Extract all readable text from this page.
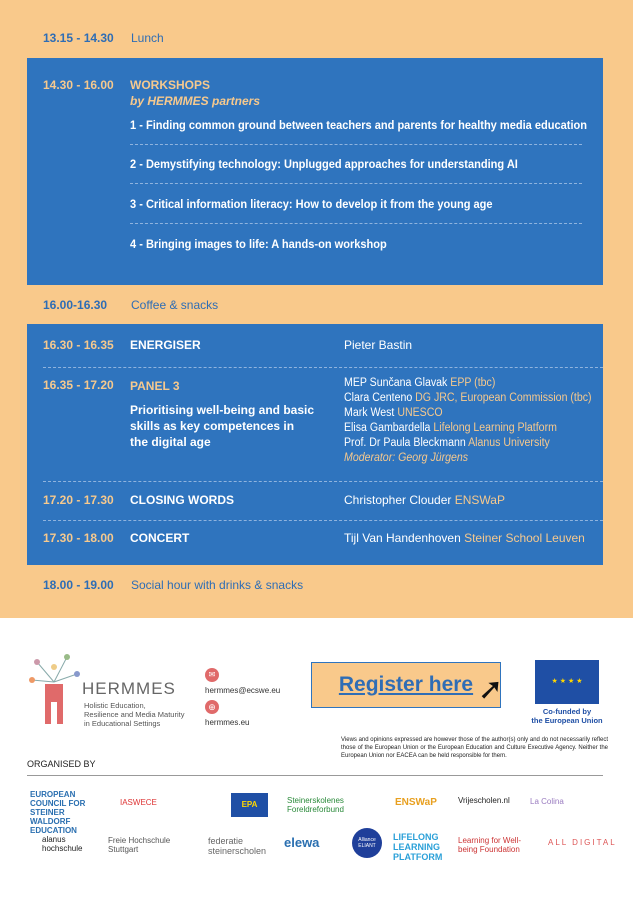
13.15 - 14.30 Lunch
14.30 - 16.00 WORKSHOPS
by HERMMES partners
1 - Finding common ground between teachers and parents for healthy media education
2 - Demystifying technology: Unplugged approaches for understanding AI
3 - Critical information literacy: How to develop it from the young age
4 - Bringing images to life: A hands-on workshop
16.00-16.30 Coffee & snacks
16.30 - 16.35 ENERGISER	Pieter Bastin
16.35 - 17.20 PANEL 3
Prioritising well-being and basic skills as key competences in the digital age
MEP Sunčana Glavak EPP (tbc)
Clara Centeno DG JRC, European Commission (tbc)
Mark West UNESCO
Elisa Gambardella Lifelong Learning Platform
Prof. Dr Paula Bleckmann Alanus University
Moderator: Georg Jürgens
17.20 - 17.30 CLOSING WORDS	Christopher Clouder ENSWaP
17.30 - 18.00 CONCERT	Tijl Van Handenhoven Steiner School Leuven
18.00 - 19.00 Social hour with drinks & snacks
HERMMES
Holistic Education,
Resilience and Media Maturity
in Educational Settings
✉
hermmes@ecswe.eu
⊕
hermmes.eu
Register here ➚	★ ★ ★ ★
Co-funded by
the European Union
Views and opinions expressed are however those of the author(s) only and do not necessarily reflect those of the European Union or the European Education and Culture Executive Agency. Neither the European Union nor EACEA can be held responsible for them.
ORGANISED BY
EUROPEAN COUNCIL FOR STEINER WALDORF EDUCATION
IASWECE	EPA	Steinerskolenes Foreldreforbund
ENSWaP	Vrijescholen.nl	La Colina
alanus hochschule
Freie Hochschule Stuttgart
federatie steinerscholen
elewa	Alliance ELIANT
LIFELONG LEARNING PLATFORM
Learning for Well-being Foundation
ALL DIGITAL
